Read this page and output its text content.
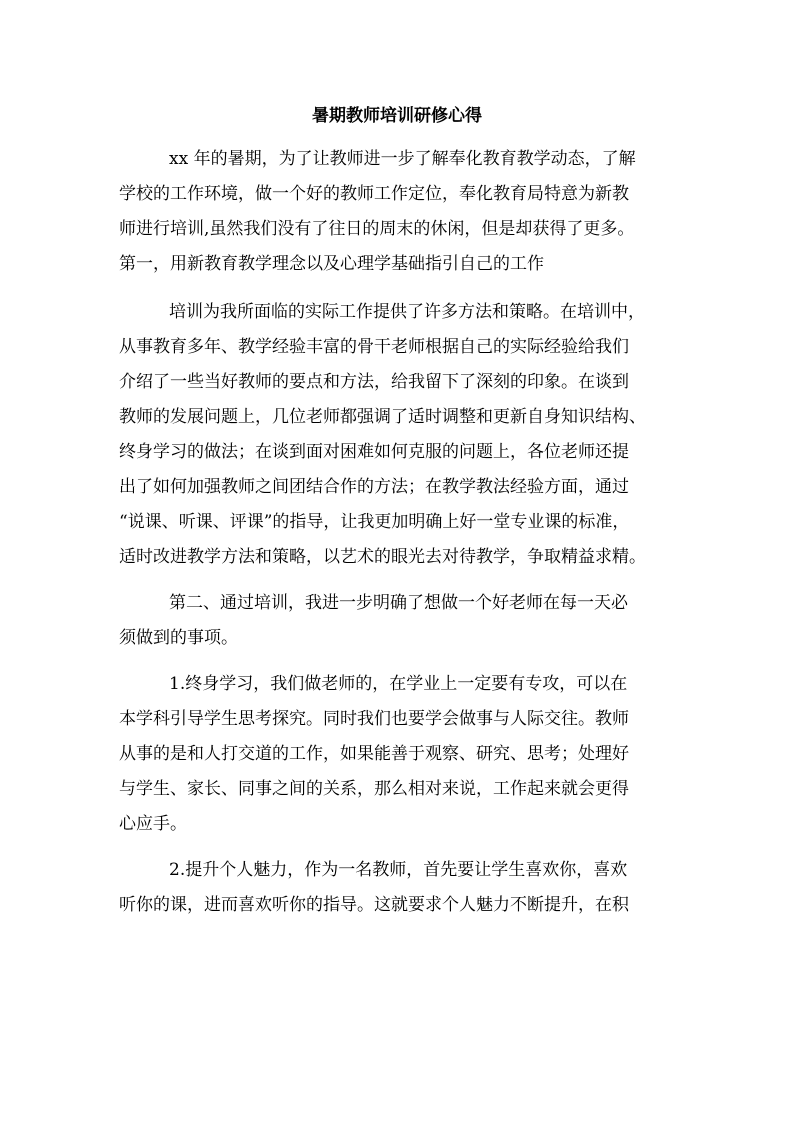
暑期教师培训研修心得
xx 年的暑期，为了让教师进一步了解奉化教育教学动态，了解
学校的工作环境，做一个好的教师工作定位，奉化教育局特意为新教
师进行培训,虽然我们没有了往日的周末的休闲，但是却获得了更多。
第一，用新教育教学理念以及心理学基础指引自己的工作
培训为我所面临的实际工作提供了许多方法和策略。在培训中，
从事教育多年、教学经验丰富的骨干老师根据自己的实际经验给我们
介绍了一些当好教师的要点和方法，给我留下了深刻的印象。在谈到
教师的发展问题上，几位老师都强调了适时调整和更新自身知识结构、
终身学习的做法；在谈到面对困难如何克服的问题上，各位老师还提
出了如何加强教师之间团结合作的方法；在教学教法经验方面，通过
“说课、听课、评课”的指导，让我更加明确上好一堂专业课的标准，
适时改进教学方法和策略，以艺术的眼光去对待教学，争取精益求精。
第二、通过培训，我进一步明确了想做一个好老师在每一天必
须做到的事项。
1.终身学习，我们做老师的，在学业上一定要有专攻，可以在
本学科引导学生思考探究。同时我们也要学会做事与人际交往。教师
从事的是和人打交道的工作，如果能善于观察、研究、思考；处理好
与学生、家长、同事之间的关系，那么相对来说，工作起来就会更得
心应手。
2.提升个人魅力，作为一名教师，首先要让学生喜欢你，喜欢
听你的课，进而喜欢听你的指导。这就要求个人魅力不断提升，在积
